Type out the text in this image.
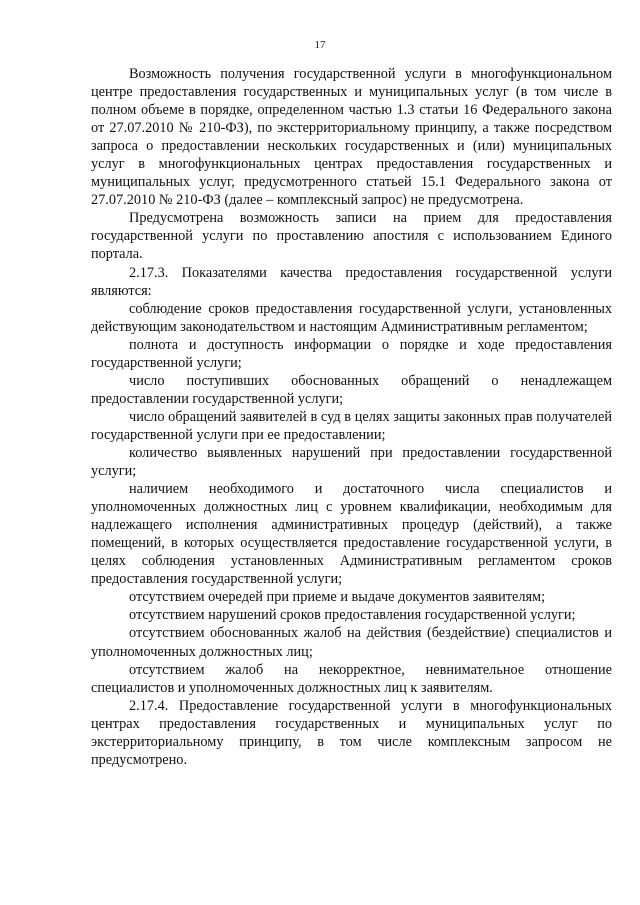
17

Возможность получения государственной услуги в многофункциональном центре предоставления государственных и муниципальных услуг (в том числе в полном объеме в порядке, определенном частью 1.3 статьи 16 Федерального закона от 27.07.2010 № 210-ФЗ), по экстерриториальному принципу, а также посредством запроса о предоставлении нескольких государственных и (или) муниципальных услуг в многофункциональных центрах предоставления государственных и муниципальных услуг, предусмотренного статьей 15.1 Федерального закона от 27.07.2010 № 210-ФЗ (далее – комплексный запрос) не предусмотрена.

Предусмотрена возможность записи на прием для предоставления государственной услуги по проставлению апостиля с использованием Единого портала.

2.17.3. Показателями качества предоставления государственной услуги являются:

соблюдение сроков предоставления государственной услуги, установленных действующим законодательством и настоящим Административным регламентом;

полнота и доступность информации о порядке и ходе предоставления государственной услуги;

число поступивших обоснованных обращений о ненадлежащем предоставлении государственной услуги;

число обращений заявителей в суд в целях защиты законных прав получателей государственной услуги при ее предоставлении;

количество выявленных нарушений при предоставлении государственной услуги;

наличием необходимого и достаточного числа специалистов и уполномоченных должностных лиц с уровнем квалификации, необходимым для надлежащего исполнения административных процедур (действий), а также помещений, в которых осуществляется предоставление государственной услуги, в целях соблюдения установленных Административным регламентом сроков предоставления государственной услуги;

отсутствием очередей при приеме и выдаче документов заявителям;

отсутствием нарушений сроков предоставления государственной услуги;

отсутствием обоснованных жалоб на действия (бездействие) специалистов и уполномоченных должностных лиц;

отсутствием жалоб на некорректное, невнимательное отношение специалистов и уполномоченных должностных лиц к заявителям.

2.17.4. Предоставление государственной услуги в многофункциональных центрах предоставления государственных и муниципальных услуг по экстерриториальному принципу, в том числе комплексным запросом не предусмотрено.
